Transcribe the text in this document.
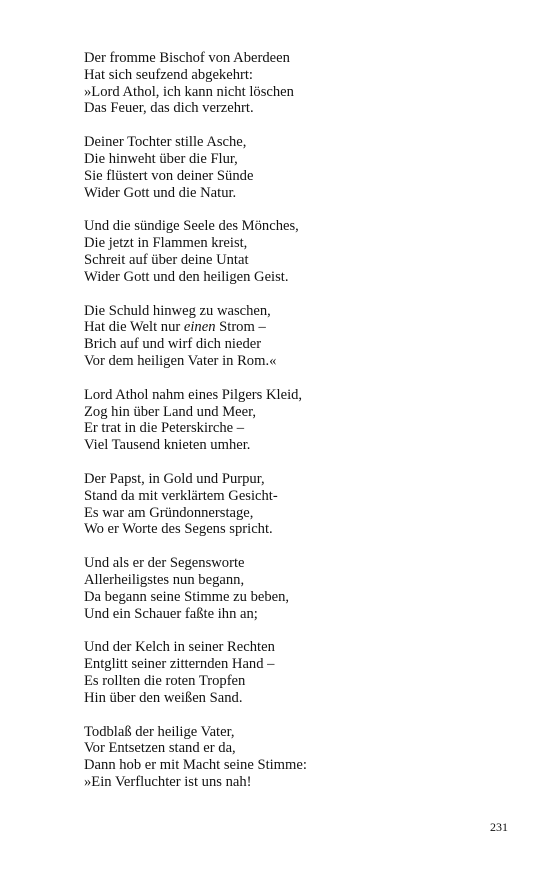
Der fromme Bischof von Aberdeen
Hat sich seufzend abgekehrt:
»Lord Athol, ich kann nicht löschen
Das Feuer, das dich verzehrt.
Deiner Tochter stille Asche,
Die hinweht über die Flur,
Sie flüstert von deiner Sünde
Wider Gott und die Natur.
Und die sündige Seele des Mönches,
Die jetzt in Flammen kreist,
Schreit auf über deine Untat
Wider Gott und den heiligen Geist.
Die Schuld hinweg zu waschen,
Hat die Welt nur einen Strom –
Brich auf und wirf dich nieder
Vor dem heiligen Vater in Rom.«
Lord Athol nahm eines Pilgers Kleid,
Zog hin über Land und Meer,
Er trat in die Peterskirche –
Viel Tausend knieten umher.
Der Papst, in Gold und Purpur,
Stand da mit verklärtem Gesicht-
Es war am Gründonnerstage,
Wo er Worte des Segens spricht.
Und als er der Segensworte
Allerheiligstes nun begann,
Da begann seine Stimme zu beben,
Und ein Schauer faßte ihn an;
Und der Kelch in seiner Rechten
Entglitt seiner zitternden Hand –
Es rollten die roten Tropfen
Hin über den weißen Sand.
Todblaß der heilige Vater,
Vor Entsetzen stand er da,
Dann hob er mit Macht seine Stimme:
»Ein Verfluchter ist uns nah!
231
